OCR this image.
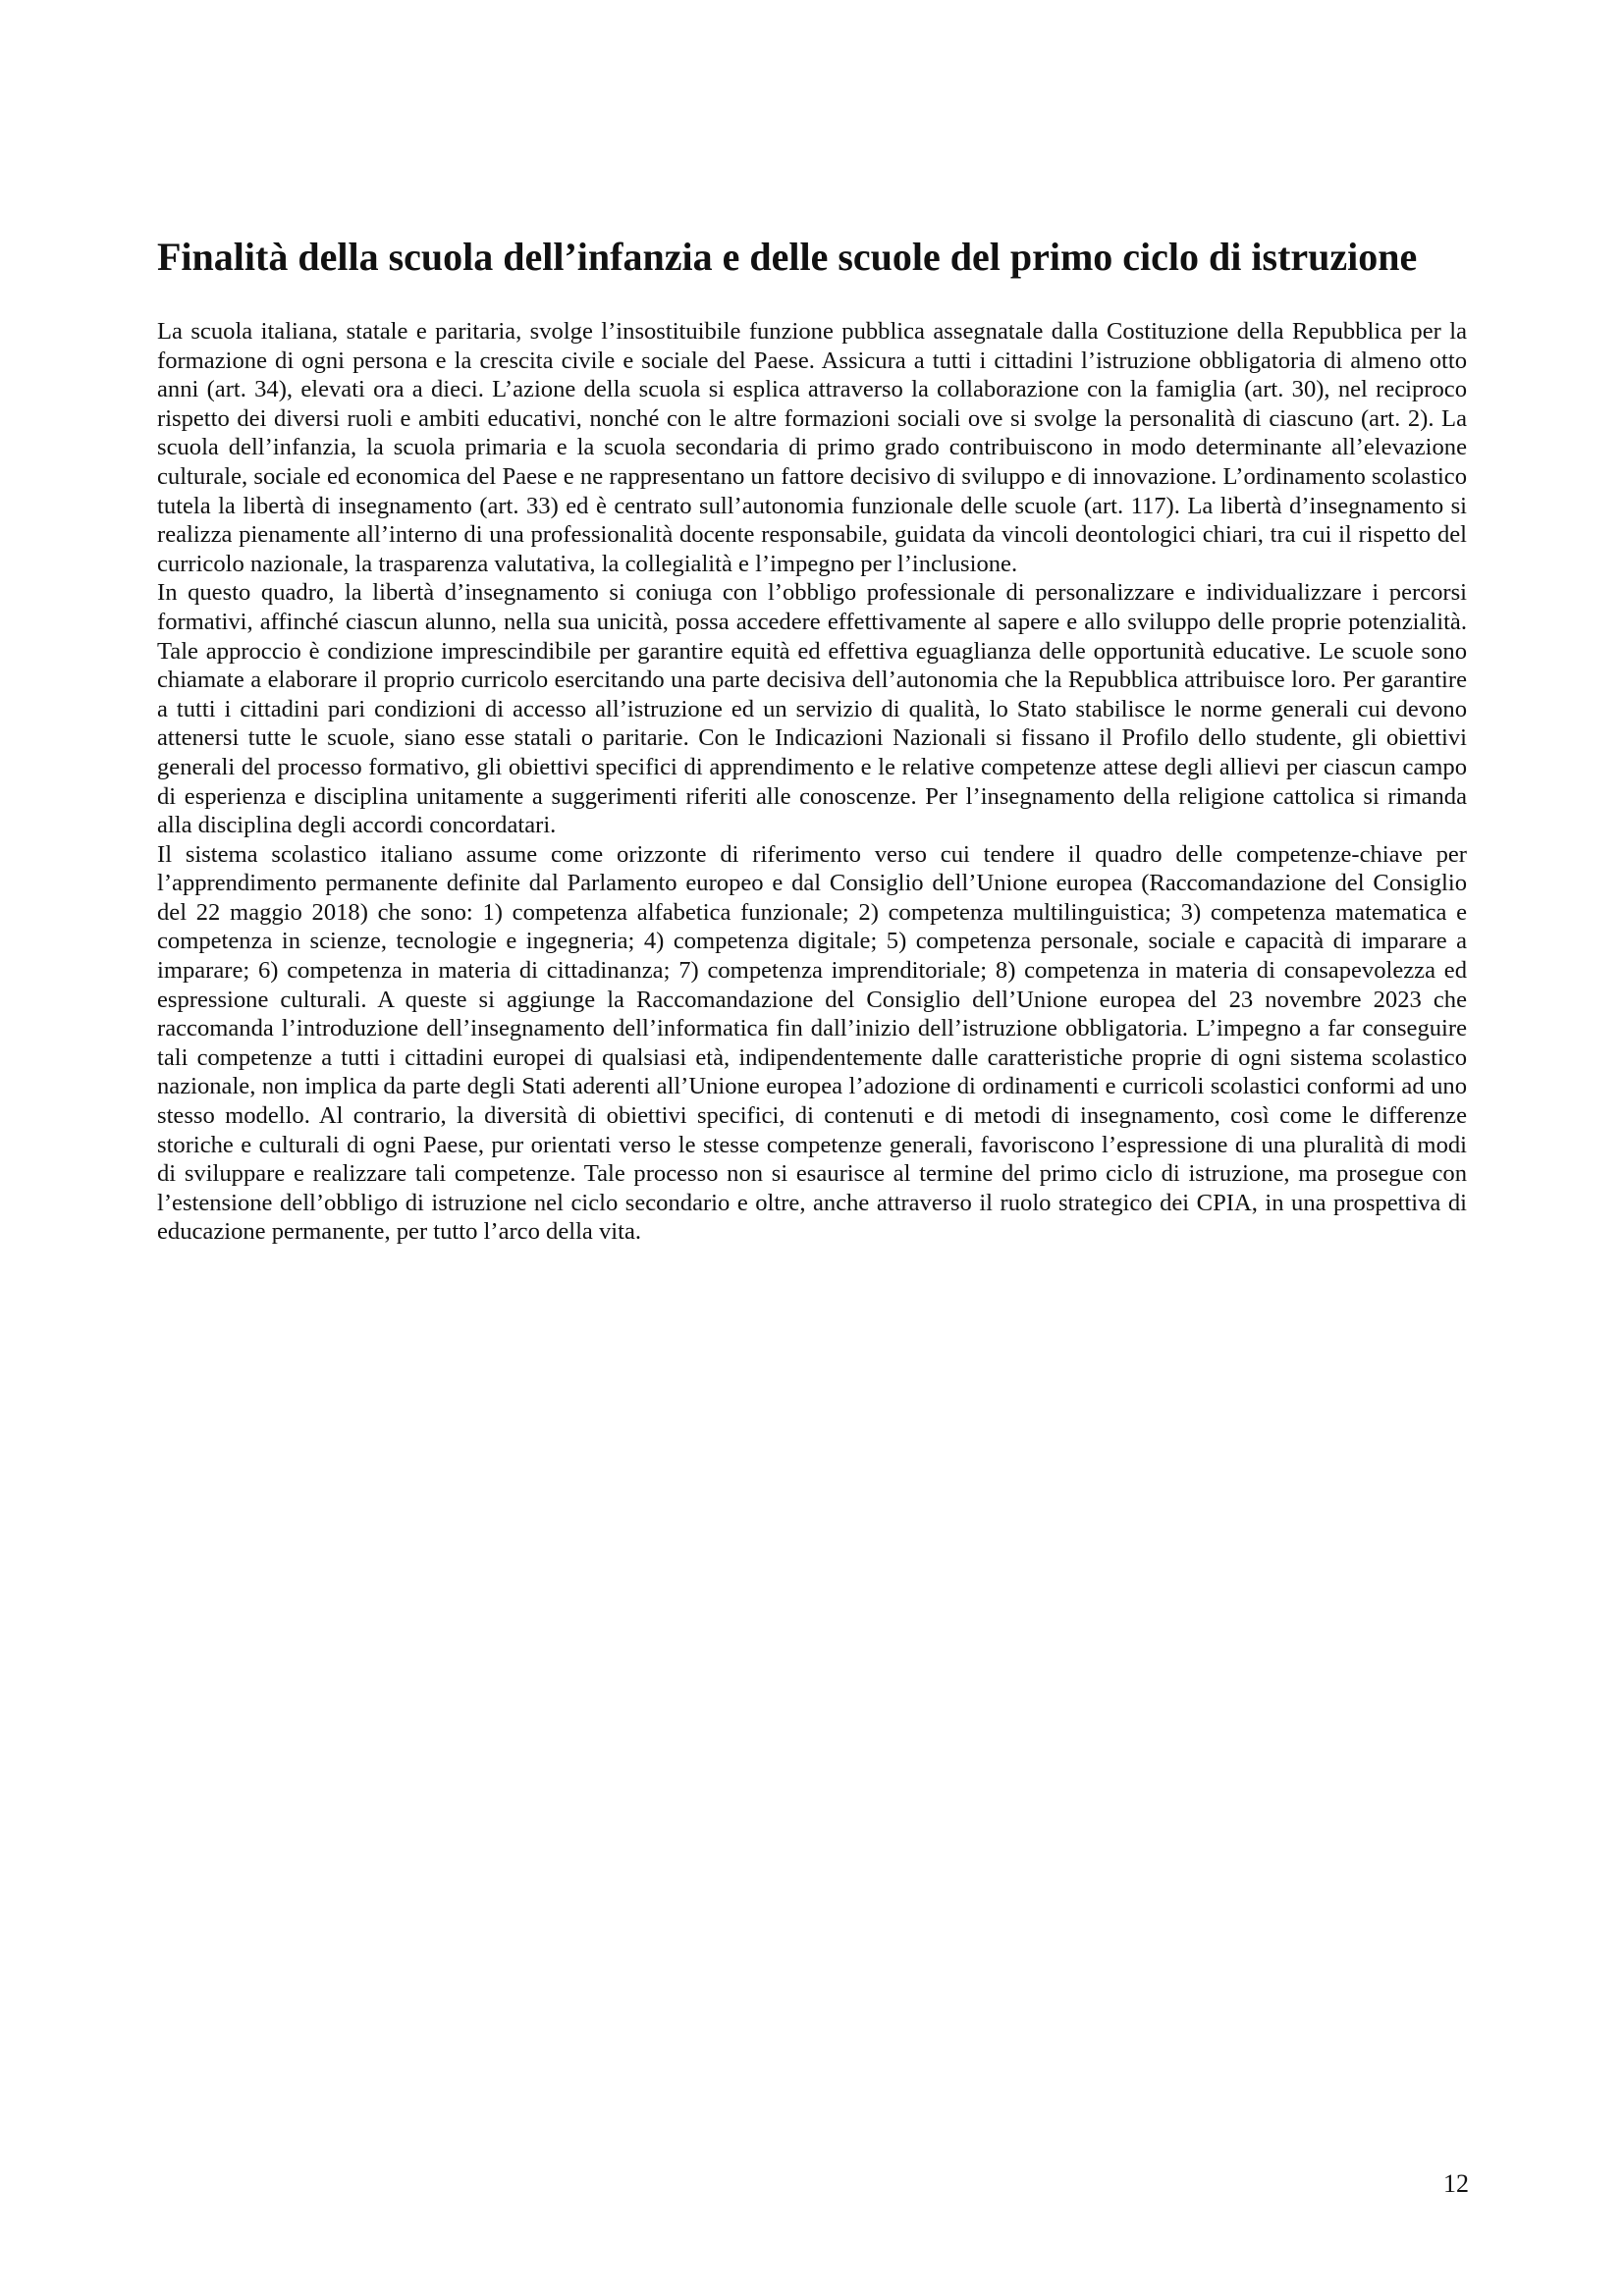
Finalità della scuola dell’infanzia e delle scuole del primo ciclo di istruzione

La scuola italiana, statale e paritaria, svolge l’insostituibile funzione pubblica assegnatale dalla Costituzione della Repubblica per la formazione di ogni persona e la crescita civile e sociale del Paese. Assicura a tutti i cittadini l’istruzione obbligatoria di almeno otto anni (art. 34), elevati ora a dieci. L’azione della scuola si esplica attraverso la collaborazione con la famiglia (art. 30), nel reciproco rispetto dei diversi ruoli e ambiti educativi, nonché con le altre formazioni sociali ove si svolge la personalità di ciascuno (art. 2). La scuola dell’infanzia, la scuola primaria e la scuola secondaria di primo grado contribuiscono in modo determinante all’elevazione culturale, sociale ed economica del Paese e ne rappresentano un fattore decisivo di sviluppo e di innovazione. L’ordinamento scolastico tutela la libertà di insegnamento (art. 33) ed è centrato sull’autonomia funzionale delle scuole (art. 117). La libertà d’insegnamento si realizza pienamente all’interno di una professionalità docente responsabile, guidata da vincoli deontologici chiari, tra cui il rispetto del curricolo nazionale, la trasparenza valutativa, la collegialità e l’impegno per l’inclusione.

In questo quadro, la libertà d’insegnamento si coniuga con l’obbligo professionale di personalizzare e individualizzare i percorsi formativi, affinché ciascun alunno, nella sua unicità, possa accedere effettivamente al sapere e allo sviluppo delle proprie potenzialità. Tale approccio è condizione imprescindibile per garantire equità ed effettiva eguaglianza delle opportunità educative. Le scuole sono chiamate a elaborare il proprio curricolo esercitando una parte decisiva dell’autonomia che la Repubblica attribuisce loro. Per garantire a tutti i cittadini pari condizioni di accesso all’istruzione ed un servizio di qualità, lo Stato stabilisce le norme generali cui devono attenersi tutte le scuole, siano esse statali o paritarie. Con le Indicazioni Nazionali si fissano il Profilo dello studente, gli obiettivi generali del processo formativo, gli obiettivi specifici di apprendimento e le relative competenze attese degli allievi per ciascun campo di esperienza e disciplina unitamente a suggerimenti riferiti alle conoscenze. Per l’insegnamento della religione cattolica si rimanda alla disciplina degli accordi concordatari.

Il sistema scolastico italiano assume come orizzonte di riferimento verso cui tendere il quadro delle competenze-chiave per l’apprendimento permanente definite dal Parlamento europeo e dal Consiglio dell’Unione europea (Raccomandazione del Consiglio del 22 maggio 2018) che sono: 1) competenza alfabetica funzionale; 2) competenza multilinguistica; 3) competenza matematica e competenza in scienze, tecnologie e ingegneria; 4) competenza digitale; 5) competenza personale, sociale e capacità di imparare a imparare; 6) competenza in materia di cittadinanza; 7) competenza imprenditoriale; 8) competenza in materia di consapevolezza ed espressione culturali. A queste si aggiunge la Raccomandazione del Consiglio dell’Unione europea del 23 novembre 2023 che raccomanda l’introduzione dell’insegnamento dell’informatica fin dall’inizio dell’istruzione obbligatoria. L’impegno a far conseguire tali competenze a tutti i cittadini europei di qualsiasi età, indipendentemente dalle caratteristiche proprie di ogni sistema scolastico nazionale, non implica da parte degli Stati aderenti all’Unione europea l’adozione di ordinamenti e curricoli scolastici conformi ad uno stesso modello. Al contrario, la diversità di obiettivi specifici, di contenuti e di metodi di insegnamento, così come le differenze storiche e culturali di ogni Paese, pur orientati verso le stesse competenze generali, favoriscono l’espressione di una pluralità di modi di sviluppare e realizzare tali competenze. Tale processo non si esaurisce al termine del primo ciclo di istruzione, ma prosegue con l’estensione dell’obbligo di istruzione nel ciclo secondario e oltre, anche attraverso il ruolo strategico dei CPIA, in una prospettiva di educazione permanente, per tutto l’arco della vita.

12
